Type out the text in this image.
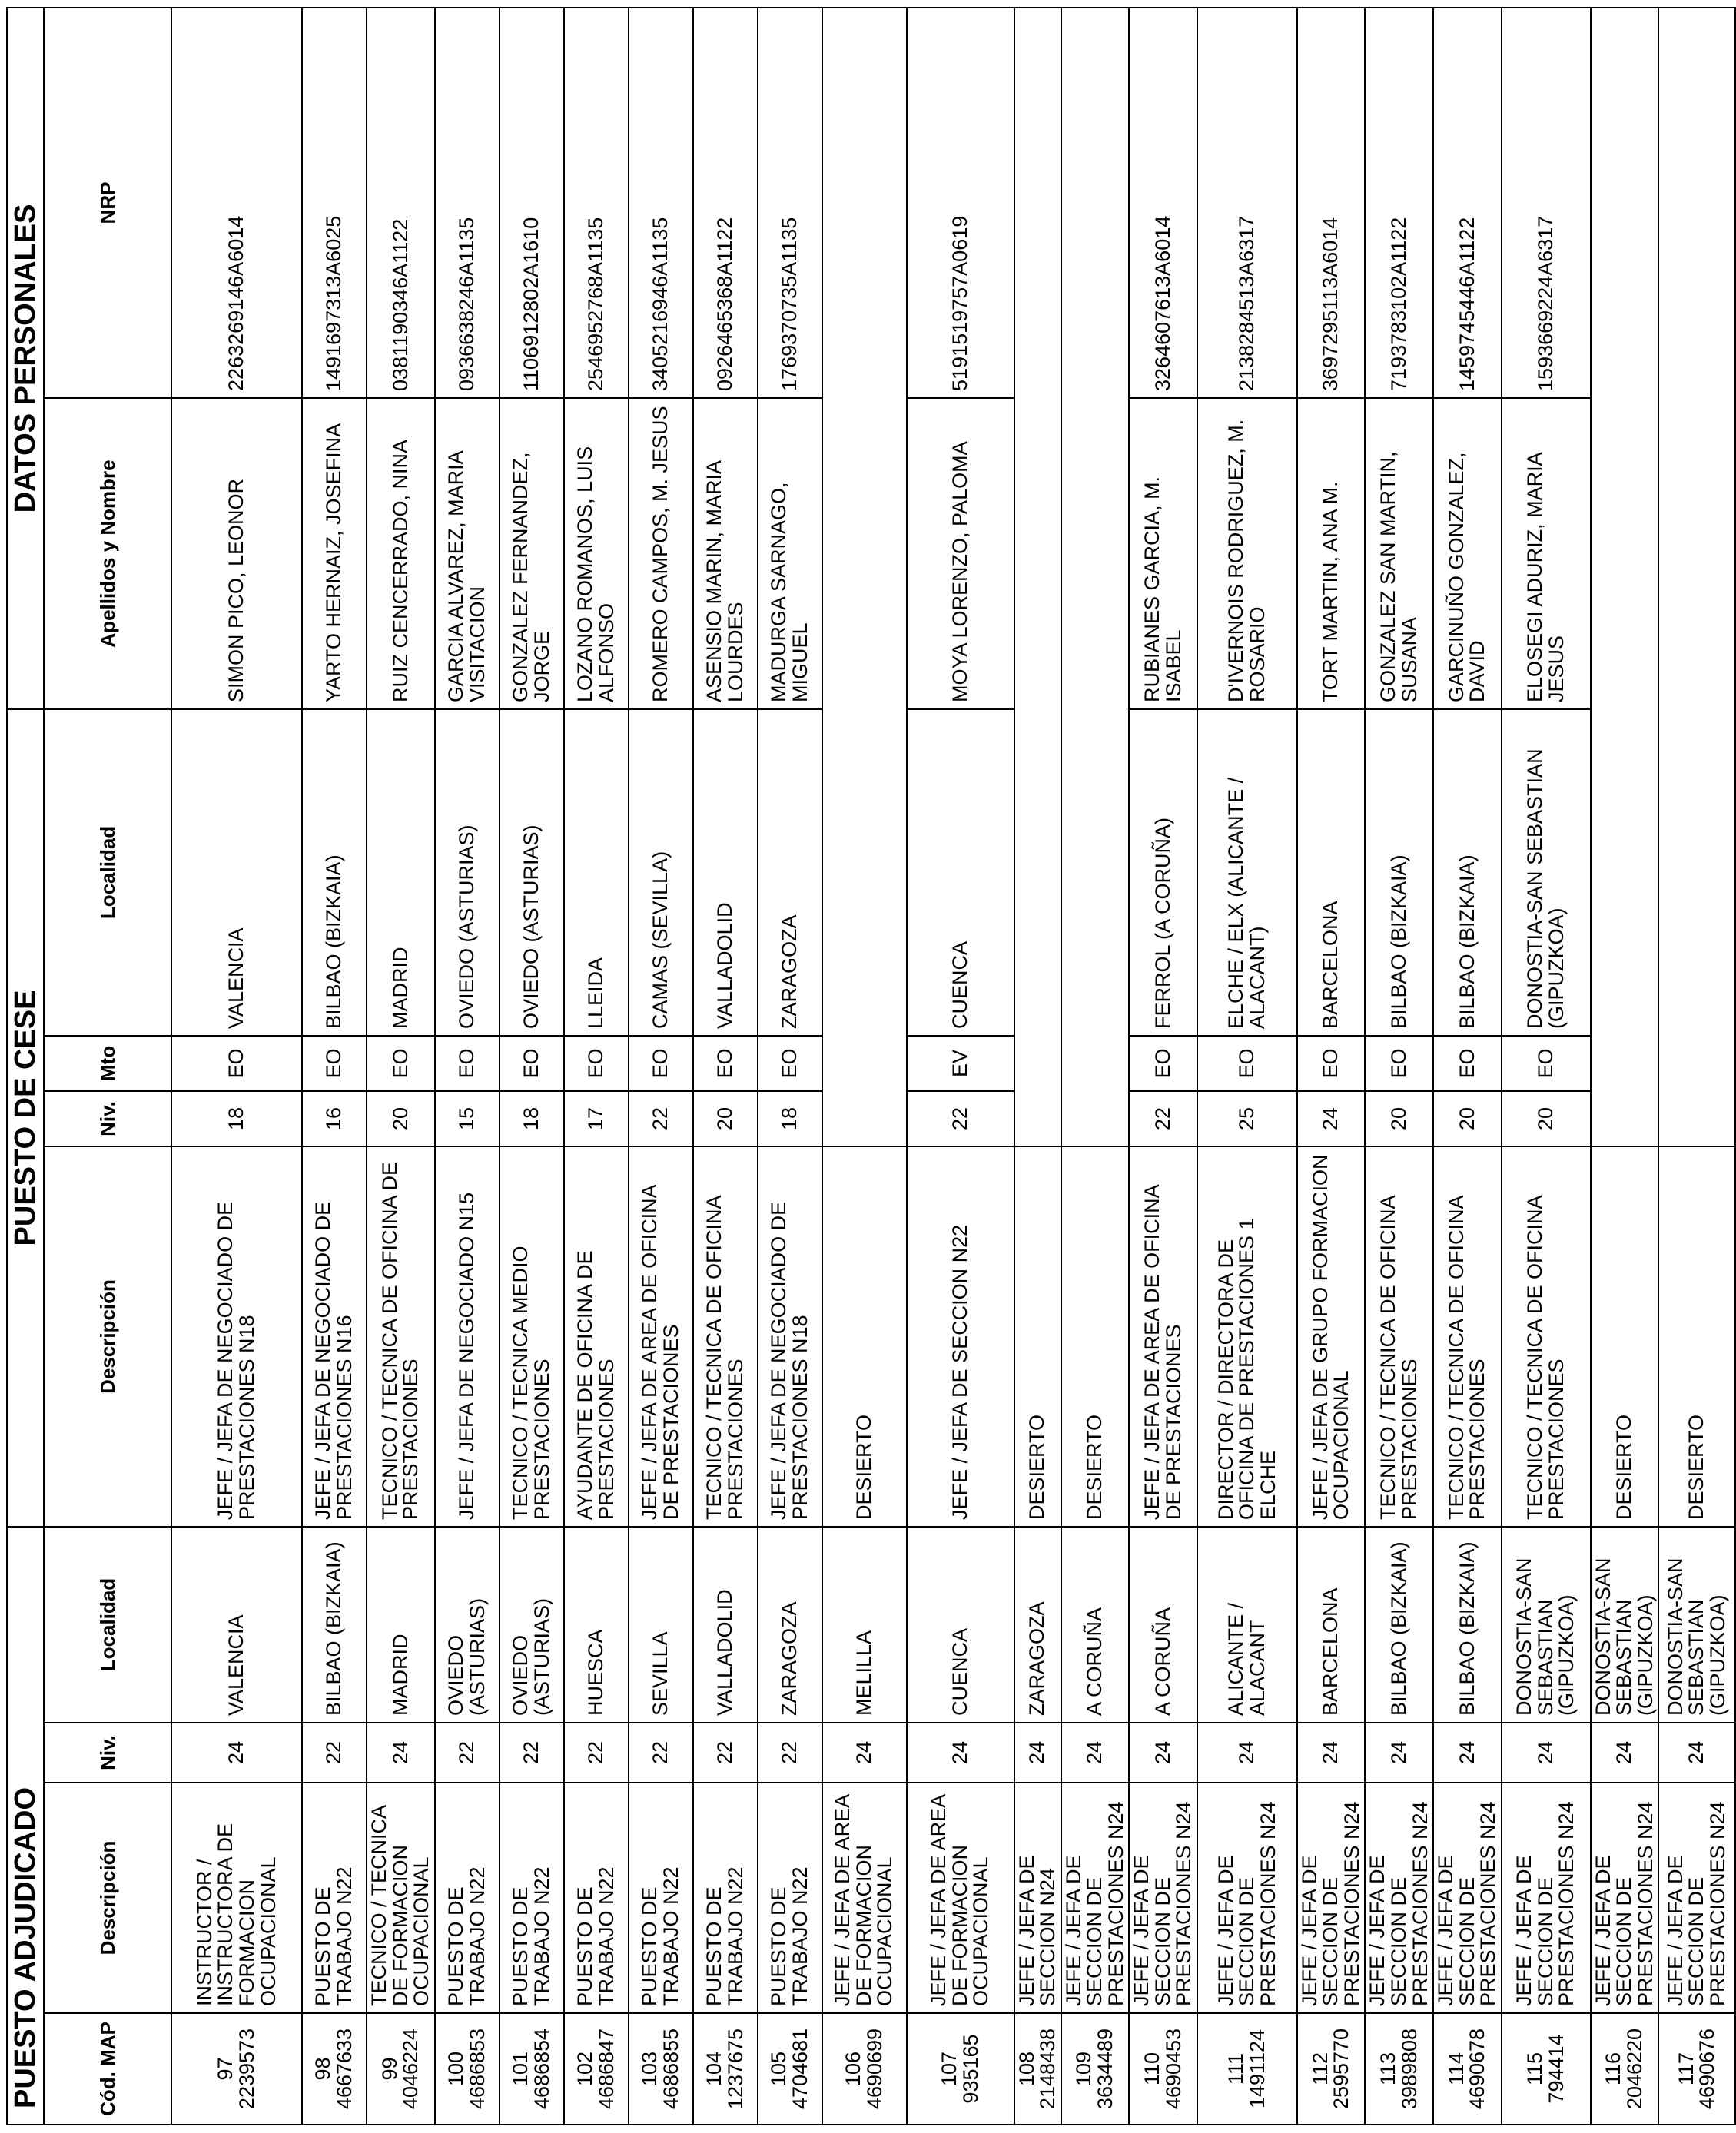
PUESTO ADJUDICADO				PUESTO DE CESE				DATOS PERSONALES	
Cód. MAP	Descripción	Niv.	Localidad	Descripción	Niv.	Mto	Localidad	Apellidos y Nombre	NRP

97
2239573	INSTRUCTOR / INSTRUCTORA DE FORMACION OCUPACIONAL	24	VALENCIA	JEFE / JEFA DE NEGOCIADO DE PRESTACIONES N18	18	EO	VALENCIA	SIMON PICO, LEONOR	2263269146A6014

98
4667633	PUESTO DE TRABAJO N22	22	BILBAO (BIZKAIA)	JEFE / JEFA DE NEGOCIADO DE PRESTACIONES N16	16	EO	BILBAO (BIZKAIA)	YARTO HERNAIZ, JOSEFINA	1491697313A6025

99
4046224	TECNICO / TECNICA DE FORMACION OCUPACIONAL	24	MADRID	TECNICO / TECNICA DE OFICINA DE PRESTACIONES	20	EO	MADRID	RUIZ CENCERRADO, NINA	0381190346A1122

100
4686853	PUESTO DE TRABAJO N22	22	OVIEDO (ASTURIAS)	JEFE / JEFA DE NEGOCIADO N15	15	EO	OVIEDO (ASTURIAS)	GARCIA ALVAREZ, MARIA VISITACION	0936638246A1135

101
4686854	PUESTO DE TRABAJO N22	22	OVIEDO (ASTURIAS)	TECNICO / TECNICA MEDIO PRESTACIONES	18	EO	OVIEDO (ASTURIAS)	GONZALEZ FERNANDEZ, JORGE	1106912802A1610

102
4686847	PUESTO DE TRABAJO N22	22	HUESCA	AYUDANTE DE OFICINA DE PRESTACIONES	17	EO	LLEIDA	LOZANO ROMANOS, LUIS ALFONSO	2546952768A1135

103
4686855	PUESTO DE TRABAJO N22	22	SEVILLA	JEFE / JEFA DE AREA DE OFICINA DE PRESTACIONES	22	EO	CAMAS (SEVILLA)	ROMERO CAMPOS, M. JESUS	3405216946A1135

104
1237675	PUESTO DE TRABAJO N22	22	VALLADOLID	TECNICO / TECNICA DE OFICINA PRESTACIONES	20	EO	VALLADOLID	ASENSIO MARIN, MARIA LOURDES	0926465368A1122

105
4704681	PUESTO DE TRABAJO N22	22	ZARAGOZA	JEFE / JEFA DE NEGOCIADO DE PRESTACIONES N18	18	EO	ZARAGOZA	MADURGA SARNAGO, MIGUEL	1769370735A1135

106
4690699	JEFE / JEFA DE AREA DE FORMACION OCUPACIONAL	24	MELILLA	DESIERTO					

107
935165	JEFE / JEFA DE AREA DE FORMACION OCUPACIONAL	24	CUENCA	JEFE / JEFA DE SECCION N22	22	EV	CUENCA	MOYA LORENZO, PALOMA	5191519757A0619

108
2148438	JEFE / JEFA DE SECCION N24	24	ZARAGOZA	DESIERTO					

109
3634489	JEFE / JEFA DE SECCION DE PRESTACIONES N24	24	A CORUÑA	DESIERTO					

110
4690453	JEFE / JEFA DE SECCION DE PRESTACIONES N24	24	A CORUÑA	JEFE / JEFA DE AREA DE OFICINA DE PRESTACIONES	22	EO	FERROL (A CORUÑA)	RUBIANES GARCIA, M. ISABEL	3264607613A6014

111
1491124	JEFE / JEFA DE SECCION DE PRESTACIONES N24	24	ALICANTE / ALACANT	DIRECTOR / DIRECTORA DE OFICINA DE PRESTACIONES 1 ELCHE	25	EO	ELCHE / ELX (ALICANTE / ALACANT)	D'IVERNOIS RODRIGUEZ, M. ROSARIO	2138284513A6317

112
2595770	JEFE / JEFA DE SECCION DE PRESTACIONES N24	24	BARCELONA	JEFE / JEFA DE GRUPO FORMACION OCUPACIONAL	24	EO	BARCELONA	TORT MARTIN, ANA M.	3697295113A6014

113
3989808	JEFE / JEFA DE SECCION DE PRESTACIONES N24	24	BILBAO (BIZKAIA)	TECNICO / TECNICA DE OFICINA PRESTACIONES	20	EO	BILBAO (BIZKAIA)	GONZALEZ SAN MARTIN, SUSANA	7193783102A1122

114
4690678	JEFE / JEFA DE SECCION DE PRESTACIONES N24	24	BILBAO (BIZKAIA)	TECNICO / TECNICA DE OFICINA PRESTACIONES	20	EO	BILBAO (BIZKAIA)	GARCINUÑO GONZALEZ, DAVID	1459745446A1122

115
794414	JEFE / JEFA DE SECCION DE PRESTACIONES N24	24	DONOSTIA-SAN SEBASTIAN (GIPUZKOA)	TECNICO / TECNICA DE OFICINA PRESTACIONES	20	EO	DONOSTIA-SAN SEBASTIAN (GIPUZKOA)	ELOSEGI ADURIZ, MARIA JESUS	1593669224A6317

116
2046220	JEFE / JEFA DE SECCION DE PRESTACIONES N24	24	DONOSTIA-SAN SEBASTIAN (GIPUZKOA)	DESIERTO					

117
4690676	JEFE / JEFA DE SECCION DE PRESTACIONES N24	24	DONOSTIA-SAN SEBASTIAN (GIPUZKOA)	DESIERTO					
